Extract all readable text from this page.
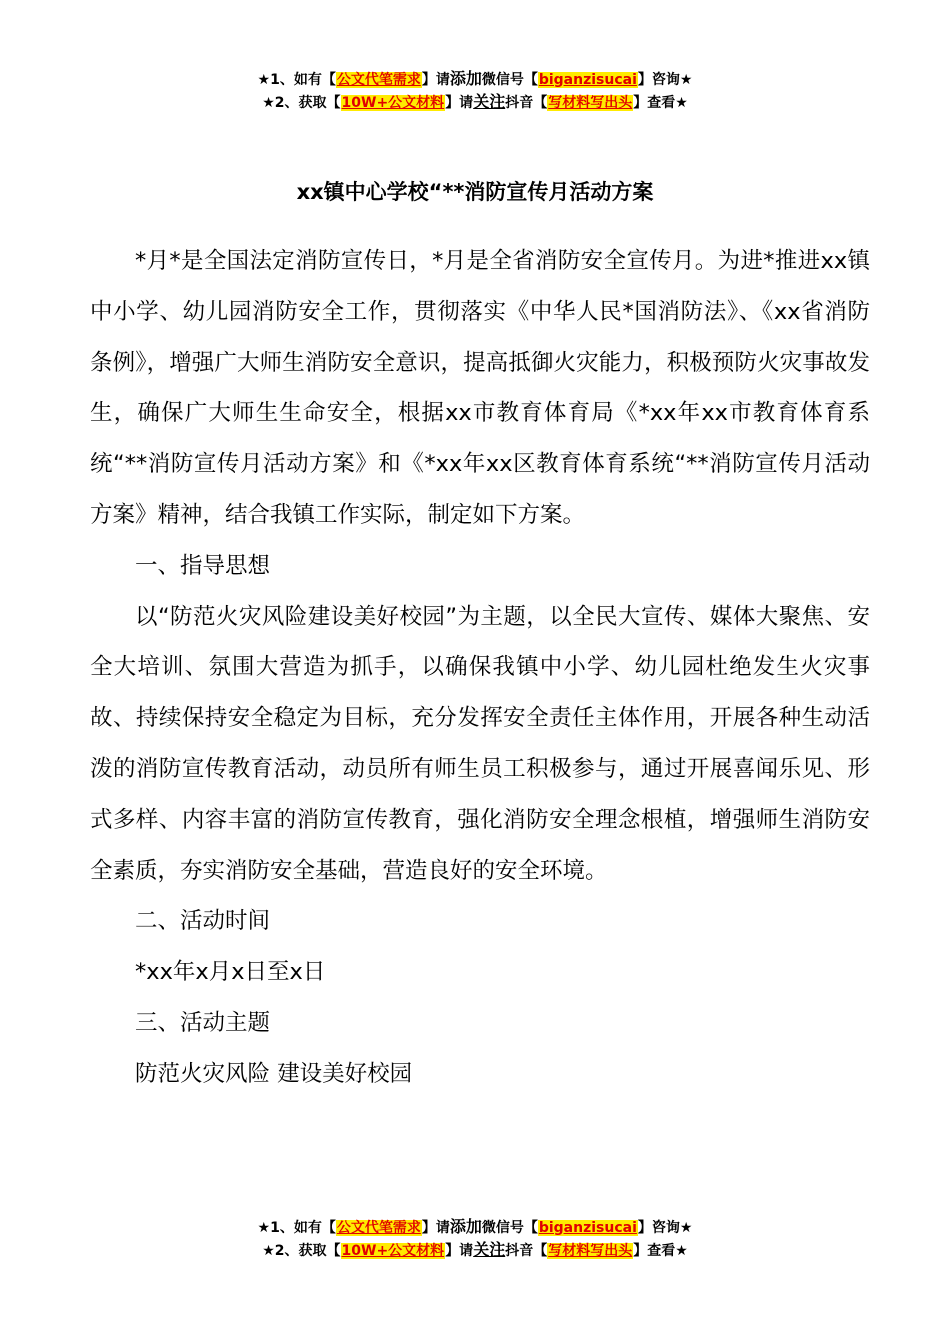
★1、如有【公文代笔需求】请添加微信号【biganzisucai】咨询★
★2、获取【10W+公文材料】请关注抖音【写材料写出头】查看★
xx镇中心学校“**消防宣传月活动方案

*月*是全国法定消防宣传日，*月是全省消防安全宣传月。为进*推进xx镇中小学、幼儿园消防安全工作，贯彻落实《中华人民*国消防法》、《xx省消防条例》，增强广大师生消防安全意识，提高抵御火灾能力，积极预防火灾事故发生，确保广大师生生命安全，根据xx市教育体育局《*xx年xx市教育体育系统“**消防宣传月活动方案》和《*xx年xx区教育体育系统“**消防宣传月活动方案》精神，结合我镇工作实际，制定如下方案。

一、指导思想

以“防范火灾风险建设美好校园”为主题，以全民大宣传、媒体大聚焦、安全大培训、氛围大营造为抓手，以确保我镇中小学、幼儿园杜绝发生火灾事故、持续保持安全稳定为目标，充分发挥安全责任主体作用，开展各种生动活泼的消防宣传教育活动，动员所有师生员工积极参与，通过开展喜闻乐见、形式多样、内容丰富的消防宣传教育，强化消防安全理念根植，增强师生消防安全素质，夯实消防安全基础，营造良好的安全环境。

二、活动时间

*xx年x月x日至x日

三、活动主题

防范火灾风险 建设美好校园

★1、如有【公文代笔需求】请添加微信号【biganzisucai】咨询★
★2、获取【10W+公文材料】请关注抖音【写材料写出头】查看★
